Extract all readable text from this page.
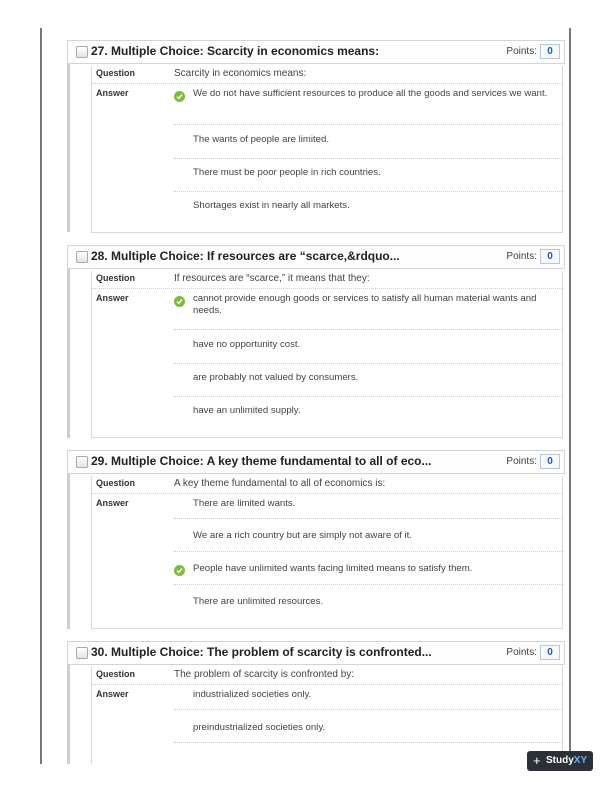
27. Multiple Choice: Scarcity in economics means:	Points:	0
Question	Scarcity in economics means:
Answer	We do not have sufficient resources to produce all the goods and services we want.
The wants of people are limited.
There must be poor people in rich countries.
Shortages exist in nearly all markets.
28. Multiple Choice: If resources are “scarce,&rdquo...	Points:	0
Question	If resources are “scarce,” it means that they:
Answer	cannot provide enough goods or services to satisfy all human material wants and needs.
have no opportunity cost.
are probably not valued by consumers.
have an unlimited supply.
29. Multiple Choice: A key theme fundamental to all of eco...	Points:	0
Question	A key theme fundamental to all of economics is:
Answer	There are limited wants.
We are a rich country but are simply not aware of it.
People have unlimited wants facing limited means to satisfy them.
There are unlimited resources.
30. Multiple Choice: The problem of scarcity is confronted...	Points:	0
Question	The problem of scarcity is confronted by:
Answer	industrialized societies only.
preindustrialized societies only.
+ StudyXY
